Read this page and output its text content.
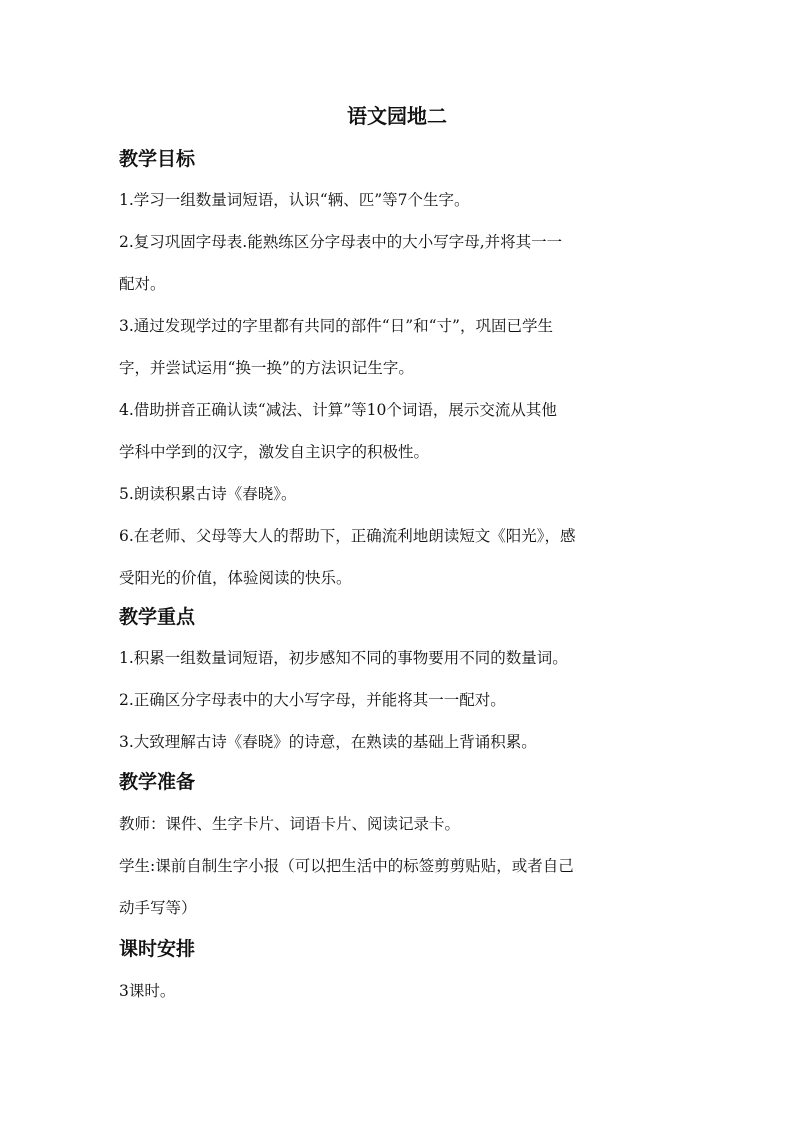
语文园地二
教学目标
1.学习一组数量词短语，认识“辆、匹”等7个生字。
2.复习巩固字母表.能熟练区分字母表中的大小写字母,并将其一一
配对。
3.通过发现学过的字里都有共同的部件“日”和“寸”，巩固已学生
字，并尝试运用“换一换”的方法识记生字。
4.借助拼音正确认读“减法、计算”等10个词语，展示交流从其他
学科中学到的汉字，激发自主识字的积极性。
5.朗读积累古诗《春晓》。
6.在老师、父母等大人的帮助下，正确流利地朗读短文《阳光》，感
受阳光的价值，体验阅读的快乐。
教学重点
1.积累一组数量词短语，初步感知不同的事物要用不同的数量词。
2.正确区分字母表中的大小写字母，并能将其一一配对。
3.大致理解古诗《春晓》的诗意，在熟读的基础上背诵积累。
教学准备
教师：课件、生字卡片、词语卡片、阅读记录卡。
学生:课前自制生字小报（可以把生活中的标签剪剪贴贴，或者自己
动手写等）
课时安排
3课时。
